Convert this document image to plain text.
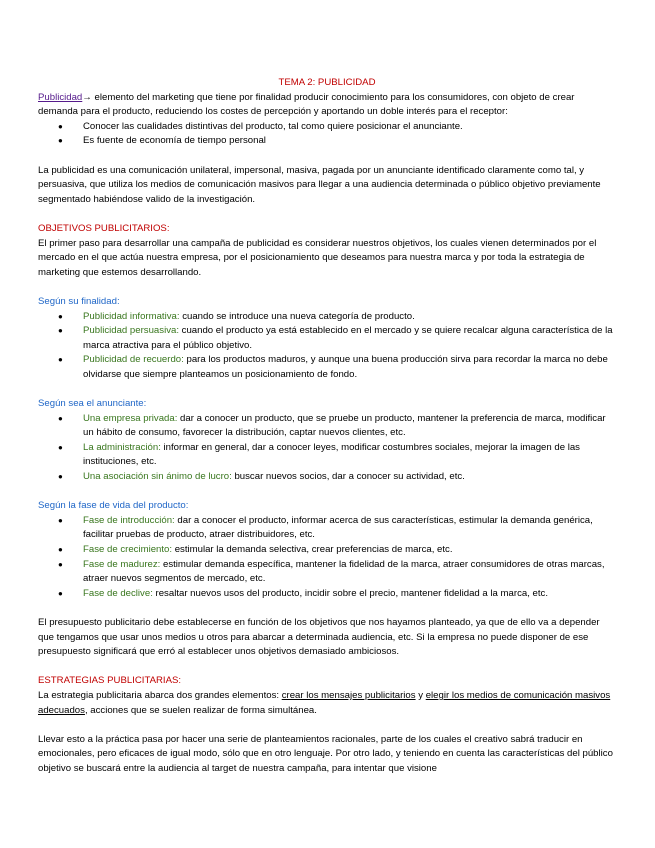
TEMA 2: PUBLICIDAD

Publicidad→ elemento del marketing que tiene por finalidad producir conocimiento para los consumidores, con objeto de crear demanda para el producto, reduciendo los costes de percepción y aportando un doble interés para el receptor:

● Conocer las cualidades distintivas del producto, tal como quiere posicionar el anunciante.
● Es fuente de economía de tiempo personal

La publicidad es una comunicación unilateral, impersonal, masiva, pagada por un anunciante identificado claramente como tal, y persuasiva, que utiliza los medios de comunicación masivos para llegar a una audiencia determinada o público objetivo previamente segmentado habiéndose valido de la investigación.

OBJETIVOS PUBLICITARIOS:

El primer paso para desarrollar una campaña de publicidad es considerar nuestros objetivos, los cuales vienen determinados por el mercado en el que actúa nuestra empresa, por el posicionamiento que deseamos para nuestra marca y por toda la estrategia de marketing que estemos desarrollando.

Según su finalidad:

● Publicidad informativa: cuando se introduce una nueva categoría de producto.
● Publicidad persuasiva: cuando el producto ya está establecido en el mercado y se quiere recalcar alguna característica de la marca atractiva para el público objetivo.
● Publicidad de recuerdo: para los productos maduros, y aunque una buena producción sirva para recordar la marca no debe olvidarse que siempre planteamos un posicionamiento de fondo.

Según sea el anunciante:

● Una empresa privada: dar a conocer un producto, que se pruebe un producto, mantener la preferencia de marca, modificar un hábito de consumo, favorecer la distribución, captar nuevos clientes, etc.
● La administración: informar en general, dar a conocer leyes, modificar costumbres sociales, mejorar la imagen de las instituciones, etc.
● Una asociación sin ánimo de lucro: buscar nuevos socios, dar a conocer su actividad, etc.

Según la fase de vida del producto:

● Fase de introducción: dar a conocer el producto, informar acerca de sus características, estimular la demanda genérica, facilitar pruebas de producto, atraer distribuidores, etc.
● Fase de crecimiento: estimular la demanda selectiva, crear preferencias de marca, etc.
● Fase de madurez: estimular demanda específica, mantener la fidelidad de la marca, atraer consumidores de otras marcas, atraer nuevos segmentos de mercado, etc.
● Fase de declive: resaltar nuevos usos del producto, incidir sobre el precio, mantener fidelidad a la marca, etc.

El presupuesto publicitario debe establecerse en función de los objetivos que nos hayamos planteado, ya que de ello va a depender que tengamos que usar unos medios u otros para abarcar a determinada audiencia, etc. Si la empresa no puede disponer de ese presupuesto significará que erró al establecer unos objetivos demasiado ambiciosos.

ESTRATEGIAS PUBLICITARIAS:

La estrategia publicitaria abarca dos grandes elementos: crear los mensajes publicitarios y elegir los medios de comunicación masivos adecuados, acciones que se suelen realizar de forma simultánea.

Llevar esto a la práctica pasa por hacer una serie de planteamientos racionales, parte de los cuales el creativo sabrá traducir en emocionales, pero eficaces de igual modo, sólo que en otro lenguaje. Por otro lado, y teniendo en cuenta las características del público objetivo se buscará entre la audiencia al target de nuestra campaña, para intentar que visione
